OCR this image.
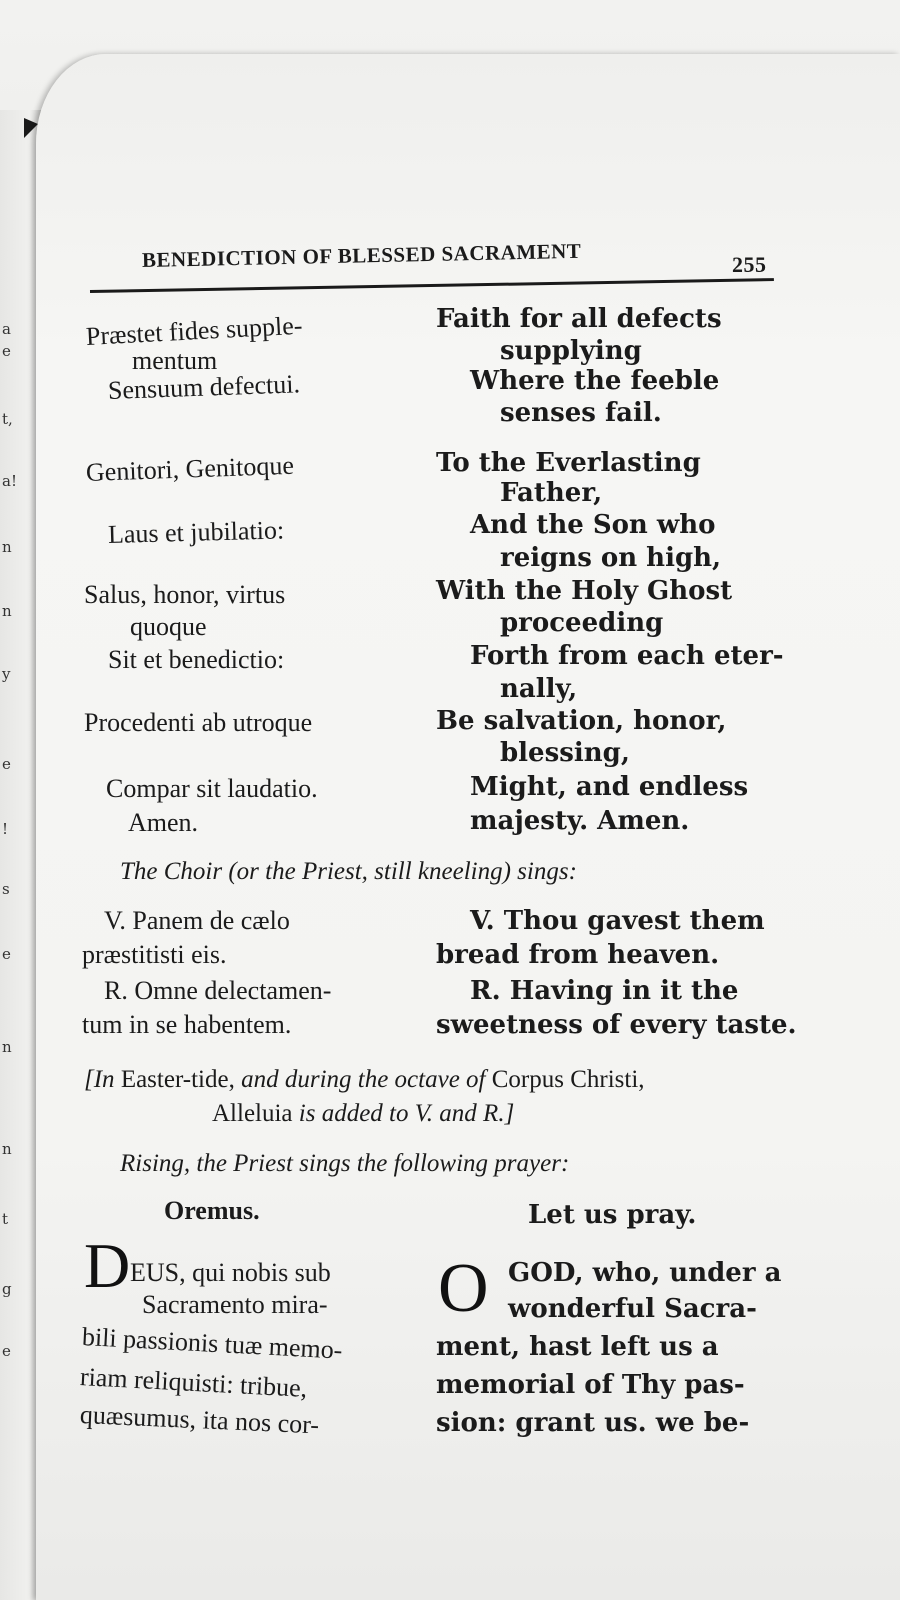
a
e
t,
a!
n
n
y
e
!
s
e
n
n
t
g
e
BENEDICTION OF BLESSED SACRAMENT	255
Præstet fides supple-
mentum
Sensuum defectui.
Faith for all defects
supplying
Where the feeble
senses fail.
Genitori, Genitoque
Laus et jubilatio:
Salus, honor, virtus
quoque
Sit et benedictio:
Procedenti ab utroque
Compar sit laudatio.
Amen.
To the Everlasting
Father,
And the Son who
reigns on high,
With the Holy Ghost
proceeding
Forth from each eter-
nally,
Be salvation, honor,
blessing,
Might, and endless
majesty. Amen.
The Choir (or the Priest, still kneeling) sings:
V. Panem de cælo
præstitisti eis.
V. Thou gavest them
bread from heaven.
R. Omne delectamen-
tum in se habentem.
R. Having in it the
sweetness of every taste.
[In Easter-tide, and during the octave of Corpus Christi,
Alleluia is added to V. and R.]
Rising, the Priest sings the following prayer:
Oremus.	Let us pray.
D EUS, qui nobis sub
Sacramento mira-
bili passionis tuæ memo-
riam reliquisti: tribue,
quæsumus, ita nos cor-
O GOD, who, under a
wonderful Sacra-
ment, hast left us a
memorial of Thy pas-
sion: grant us. we be-
